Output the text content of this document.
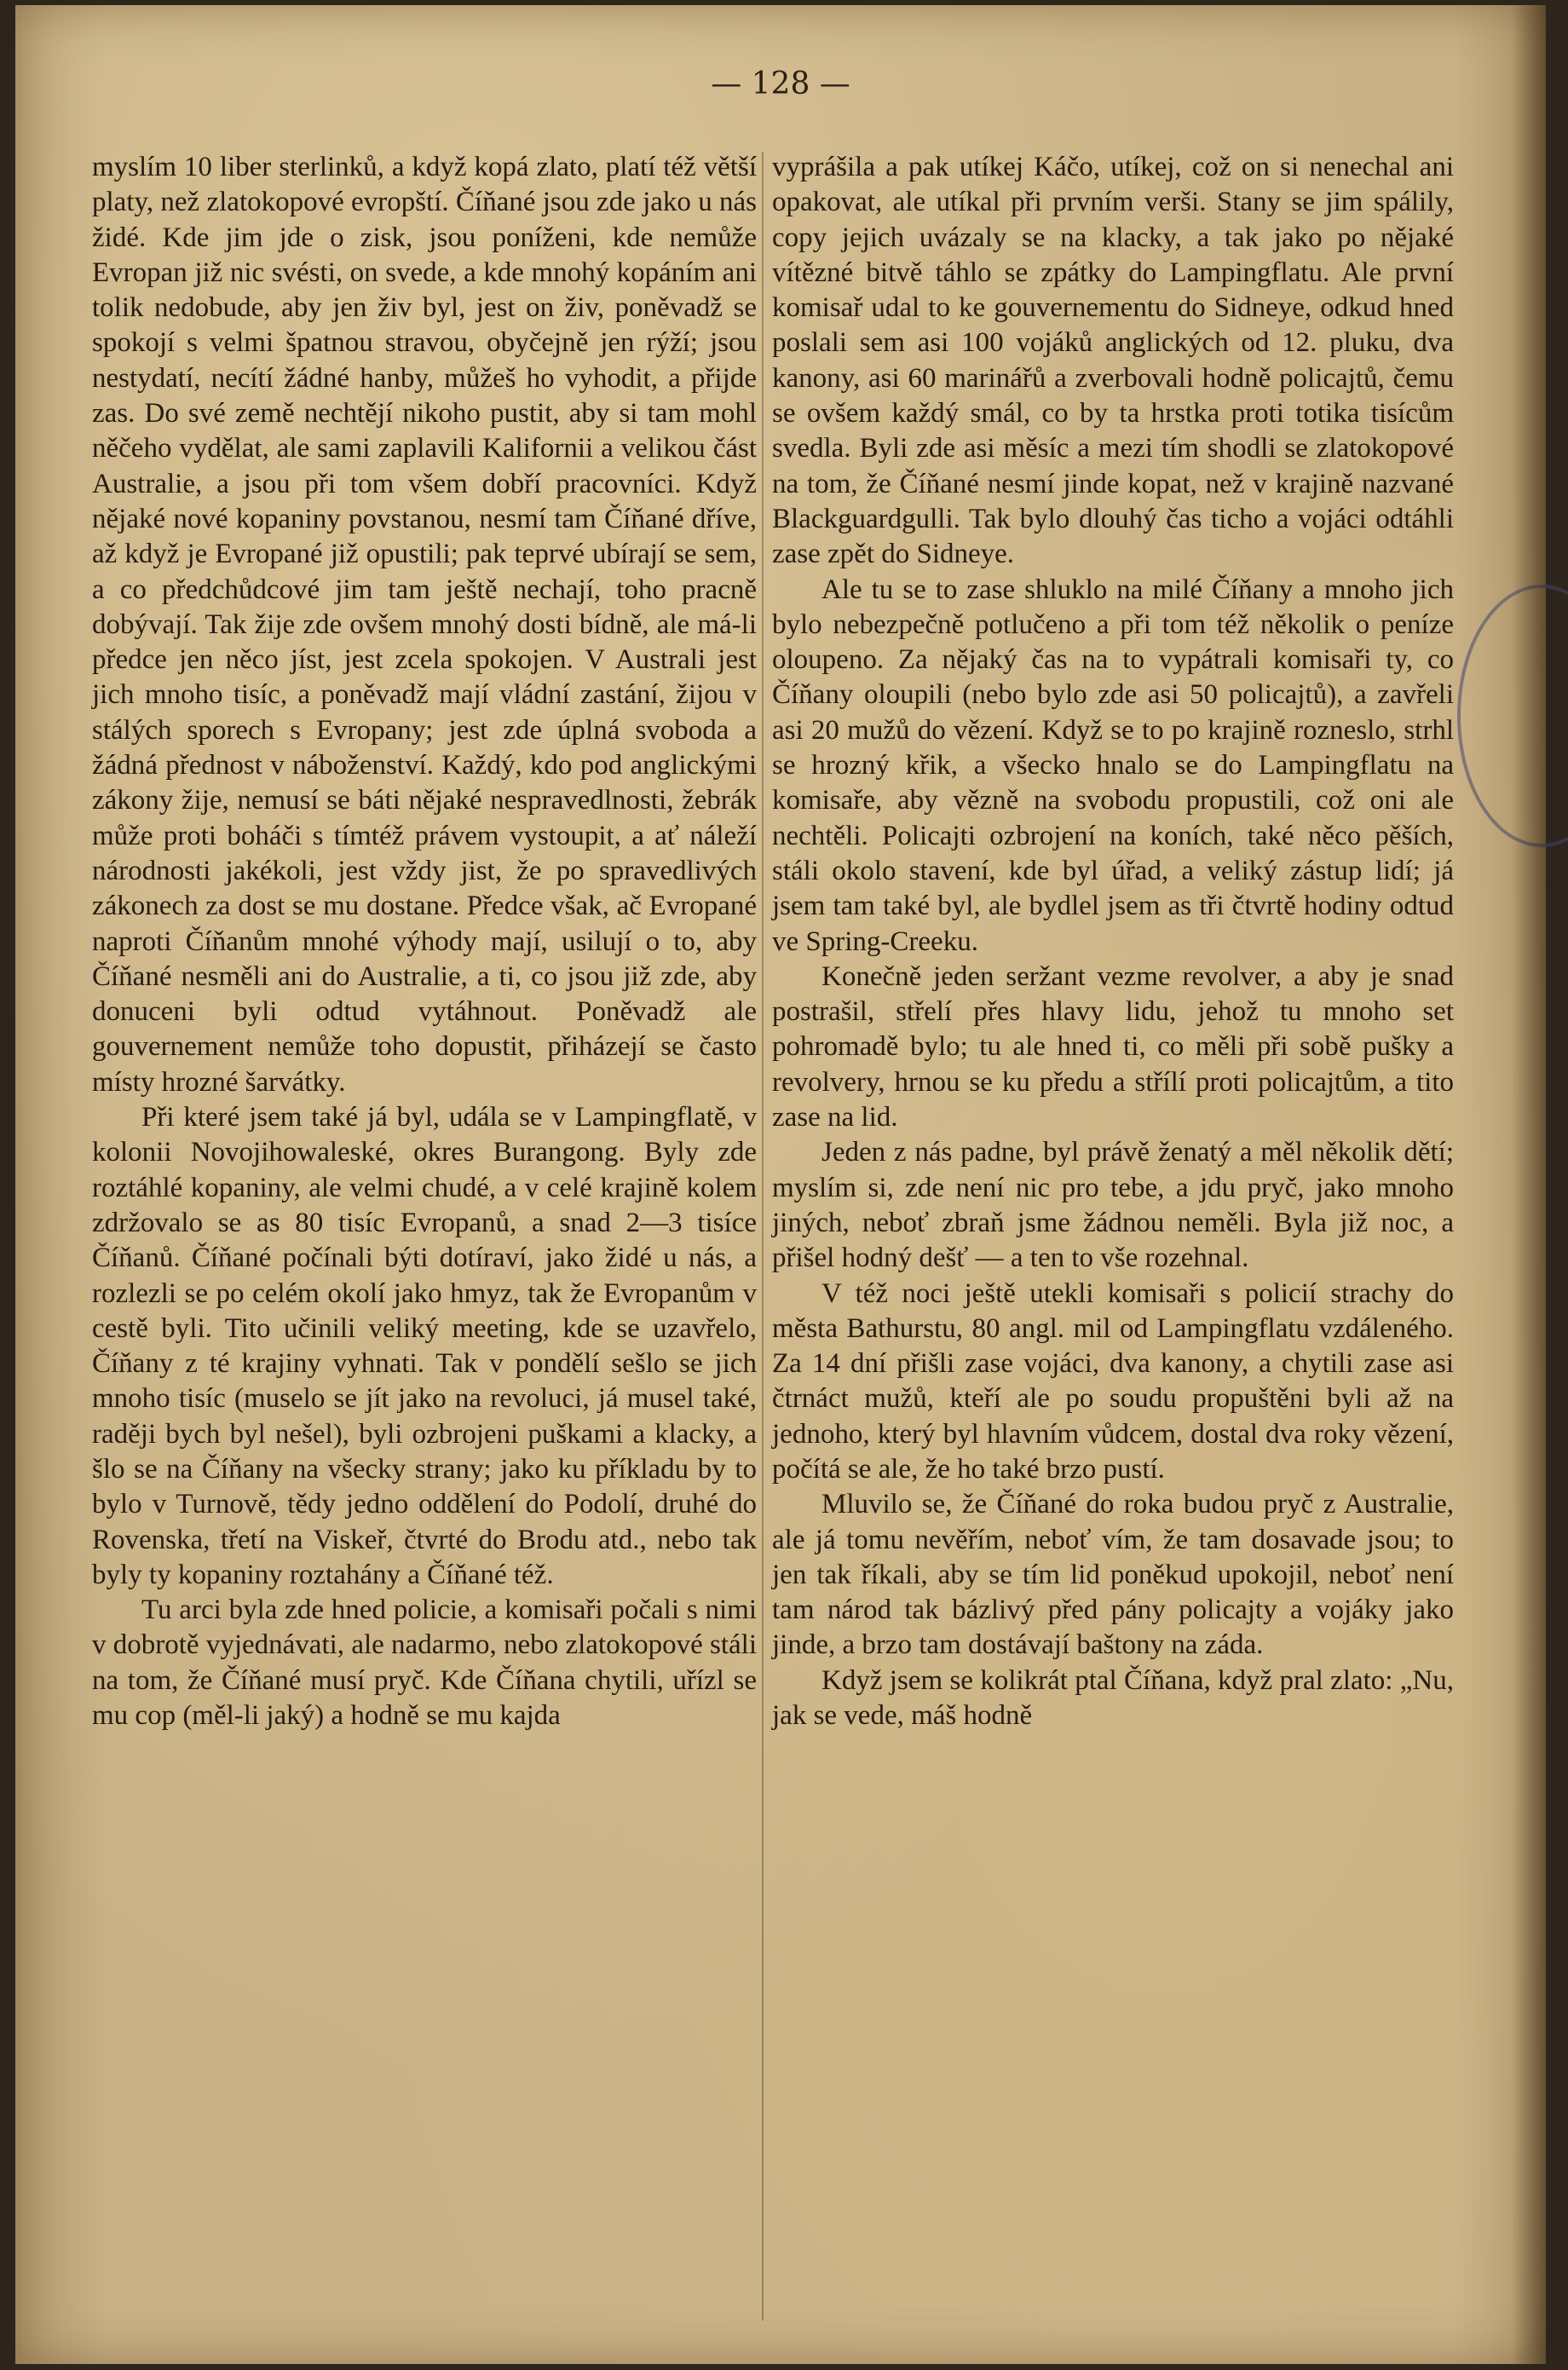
— 128 —

myslím 10 liber sterlinků, a když kopá zlato, platí též větší platy, než zlatokopové evropští. Číňané jsou zde jako u nás židé. Kde jim jde o zisk, jsou poníženi, kde nemůže Evropan již nic svésti, on svede, a kde mnohý kopáním ani tolik nedobude, aby jen živ byl, jest on živ, poněvadž se spokojí s velmi špatnou stravou, obyčejně jen rýží; jsou nestydatí, necítí žádné hanby, můžeš ho vyhodit, a přijde zas. Do své země nechtějí nikoho pustit, aby si tam mohl něčeho vydělat, ale sami zaplavili Kalifornii a velikou část Australie, a jsou při tom všem dobří pracovníci. Když nějaké nové kopaniny povstanou, nesmí tam Číňané dříve, až když je Evropané již opustili; pak teprvé ubírají se sem, a co předchůdcové jim tam ještě nechají, toho pracně dobývají. Tak žije zde ovšem mnohý dosti bídně, ale má-li předce jen něco jíst, jest zcela spokojen. V Australi jest jich mnoho tisíc, a poněvadž mají vládní zastání, žijou v stálých sporech s Evropany; jest zde úplná svoboda a žádná přednost v náboženství. Každý, kdo pod anglickými zákony žije, nemusí se báti nějaké nespravedlnosti, žebrák může proti boháči s tímtéž právem vystoupit, a ať náleží národnosti jakékoli, jest vždy jist, že po spravedlivých zákonech za dost se mu dostane. Předce však, ač Evropané naproti Číňanům mnohé výhody mají, usilují o to, aby Číňané nesměli ani do Australie, a ti, co jsou již zde, aby donuceni byli odtud vytáhnout. Poněvadž ale gouvernement nemůže toho dopustit, přiházejí se často místy hrozné šarvátky.

Při které jsem také já byl, udála se v Lampingflatě, v kolonii Novojihowaleské, okres Burangong. Byly zde roztáhlé kopaniny, ale velmi chudé, a v celé krajině kolem zdržovalo se as 80 tisíc Evropanů, a snad 2—3 tisíce Číňanů. Číňané počínali býti dotíraví, jako židé u nás, a rozlezli se po celém okolí jako hmyz, tak že Evropanům v cestě byli. Tito učinili veliký meeting, kde se uzavřelo, Číňany z té krajiny vyhnati. Tak v pondělí sešlo se jich mnoho tisíc (muselo se jít jako na revoluci, já musel také, raději bych byl nešel), byli ozbrojeni puškami a klacky, a šlo se na Číňany na všecky strany; jako ku příkladu by to bylo v Turnově, tědy jedno oddělení do Podolí, druhé do Rovenska, třetí na Viskeř, čtvrté do Brodu atd., nebo tak byly ty kopaniny roztahány a Číňané též.

Tu arci byla zde hned policie, a komisaři počali s nimi v dobrotě vyjednávati, ale nadarmo, nebo zlatokopové stáli na tom, že Číňané musí pryč. Kde Číňana chytili, uřízl se mu cop (měl-li jaký) a hodně se mu kajda

vyprášila a pak utíkej Káčo, utíkej, což on si nenechal ani opakovat, ale utíkal při prvním verši. Stany se jim spálily, copy jejich uvázaly se na klacky, a tak jako po nějaké vítězné bitvě táhlo se zpátky do Lampingflatu. Ale první komisař udal to ke gouvernementu do Sidneye, odkud hned poslali sem asi 100 vojáků anglických od 12. pluku, dva kanony, asi 60 marinářů a zverbovali hodně policajtů, čemu se ovšem každý smál, co by ta hrstka proti totika tisícům svedla. Byli zde asi měsíc a mezi tím shodli se zlatokopové na tom, že Číňané nesmí jinde kopat, než v krajině nazvané Blackguardgulli. Tak bylo dlouhý čas ticho a vojáci odtáhli zase zpět do Sidneye.

Ale tu se to zase shluklo na milé Číňany a mnoho jich bylo nebezpečně potlučeno a při tom též několik o peníze oloupeno. Za nějaký čas na to vypátrali komisaři ty, co Číňany oloupili (nebo bylo zde asi 50 policajtů), a zavřeli asi 20 mužů do vězení. Když se to po krajině rozneslo, strhl se hrozný křik, a všecko hnalo se do Lampingflatu na komisaře, aby vězně na svobodu propustili, což oni ale nechtěli. Policajti ozbrojení na koních, také něco pěších, stáli okolo stavení, kde byl úřad, a veliký zástup lidí; já jsem tam také byl, ale bydlel jsem as tři čtvrtě hodiny odtud ve Spring-Creeku.

Konečně jeden seržant vezme revolver, a aby je snad postrašil, střelí přes hlavy lidu, jehož tu mnoho set pohromadě bylo; tu ale hned ti, co měli při sobě pušky a revolvery, hrnou se ku předu a střílí proti policajtům, a tito zase na lid.

Jeden z nás padne, byl právě ženatý a měl několik dětí; myslím si, zde není nic pro tebe, a jdu pryč, jako mnoho jiných, neboť zbraň jsme žádnou neměli. Byla již noc, a přišel hodný dešť — a ten to vše rozehnal.

V též noci ještě utekli komisaři s policií strachy do města Bathurstu, 80 angl. mil od Lampingflatu vzdáleného. Za 14 dní přišli zase vojáci, dva kanony, a chytili zase asi čtrnáct mužů, kteří ale po soudu propuštěni byli až na jednoho, který byl hlavním vůdcem, dostal dva roky vězení, počítá se ale, že ho také brzo pustí.

Mluvilo se, že Číňané do roka budou pryč z Australie, ale já tomu nevěřím, neboť vím, že tam dosavade jsou; to jen tak říkali, aby se tím lid poněkud upokojil, neboť není tam národ tak bázlivý před pány policajty a vojáky jako jinde, a brzo tam dostávají baštony na záda.

Když jsem se kolikrát ptal Číňana, když pral zlato: „Nu, jak se vede, máš hodně
